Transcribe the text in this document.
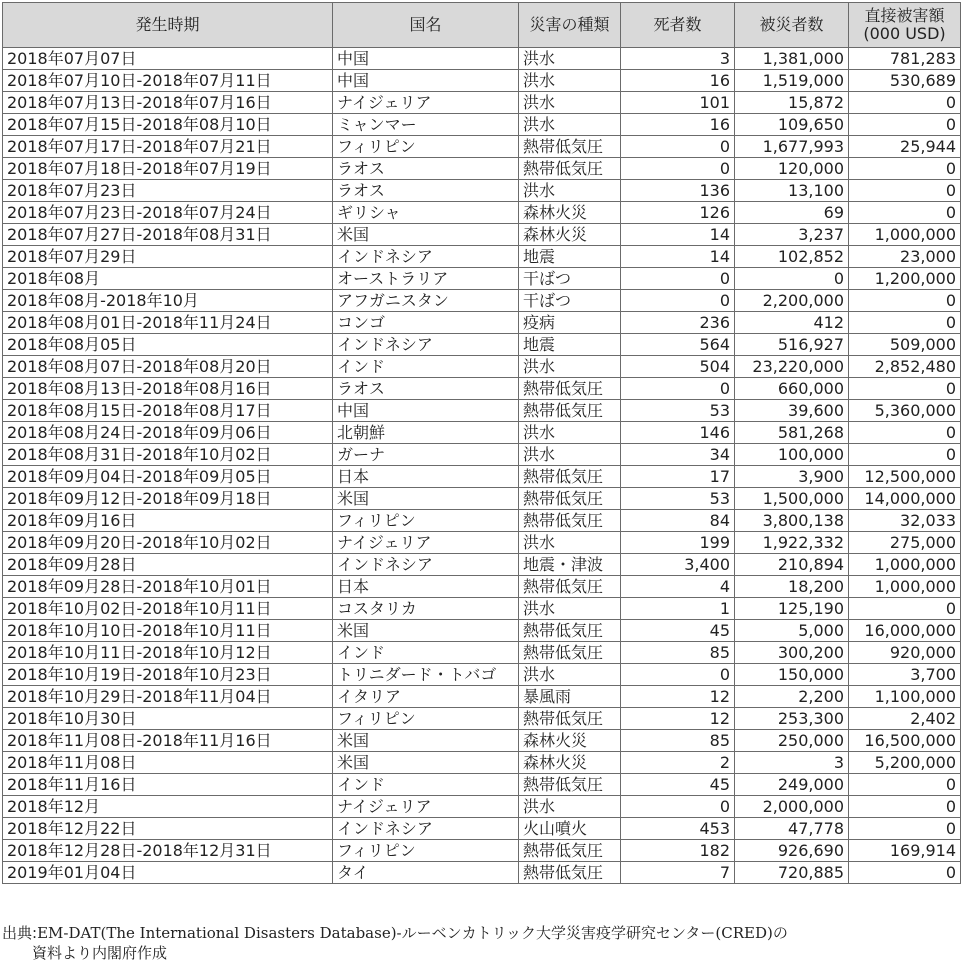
発生時期	国名	災害の種類	死者数	被災者数	直接被害額
(000 USD)
2018年07月07日	中国	洪水	3	1,381,000	781,283
2018年07月10日-2018年07月11日	中国	洪水	16	1,519,000	530,689
2018年07月13日-2018年07月16日	ナイジェリア	洪水	101	15,872	0
2018年07月15日-2018年08月10日	ミャンマー	洪水	16	109,650	0
2018年07月17日-2018年07月21日	フィリピン	熱帯低気圧	0	1,677,993	25,944
2018年07月18日-2018年07月19日	ラオス	熱帯低気圧	0	120,000	0
2018年07月23日	ラオス	洪水	136	13,100	0
2018年07月23日-2018年07月24日	ギリシャ	森林火災	126	69	0
2018年07月27日-2018年08月31日	米国	森林火災	14	3,237	1,000,000
2018年07月29日	インドネシア	地震	14	102,852	23,000
2018年08月	オーストラリア	干ばつ	0	0	1,200,000
2018年08月-2018年10月	アフガニスタン	干ばつ	0	2,200,000	0
2018年08月01日-2018年11月24日	コンゴ	疫病	236	412	0
2018年08月05日	インドネシア	地震	564	516,927	509,000
2018年08月07日-2018年08月20日	インド	洪水	504	23,220,000	2,852,480
2018年08月13日-2018年08月16日	ラオス	熱帯低気圧	0	660,000	0
2018年08月15日-2018年08月17日	中国	熱帯低気圧	53	39,600	5,360,000
2018年08月24日-2018年09月06日	北朝鮮	洪水	146	581,268	0
2018年08月31日-2018年10月02日	ガーナ	洪水	34	100,000	0
2018年09月04日-2018年09月05日	日本	熱帯低気圧	17	3,900	12,500,000
2018年09月12日-2018年09月18日	米国	熱帯低気圧	53	1,500,000	14,000,000
2018年09月16日	フィリピン	熱帯低気圧	84	3,800,138	32,033
2018年09月20日-2018年10月02日	ナイジェリア	洪水	199	1,922,332	275,000
2018年09月28日	インドネシア	地震・津波	3,400	210,894	1,000,000
2018年09月28日-2018年10月01日	日本	熱帯低気圧	4	18,200	1,000,000
2018年10月02日-2018年10月11日	コスタリカ	洪水	1	125,190	0
2018年10月10日-2018年10月11日	米国	熱帯低気圧	45	5,000	16,000,000
2018年10月11日-2018年10月12日	インド	熱帯低気圧	85	300,200	920,000
2018年10月19日-2018年10月23日	トリニダード・トバゴ	洪水	0	150,000	3,700
2018年10月29日-2018年11月04日	イタリア	暴風雨	12	2,200	1,100,000
2018年10月30日	フィリピン	熱帯低気圧	12	253,300	2,402
2018年11月08日-2018年11月16日	米国	森林火災	85	250,000	16,500,000
2018年11月08日	米国	森林火災	2	3	5,200,000
2018年11月16日	インド	熱帯低気圧	45	249,000	0
2018年12月	ナイジェリア	洪水	0	2,000,000	0
2018年12月22日	インドネシア	火山噴火	453	47,778	0
2018年12月28日-2018年12月31日	フィリピン	熱帯低気圧	182	926,690	169,914
2019年01月04日	タイ	熱帯低気圧	7	720,885	0
出典:EM-DAT(The International Disasters Database)-ルーベンカトリック大学災害疫学研究センター(CRED)の
資料より内閣府作成
